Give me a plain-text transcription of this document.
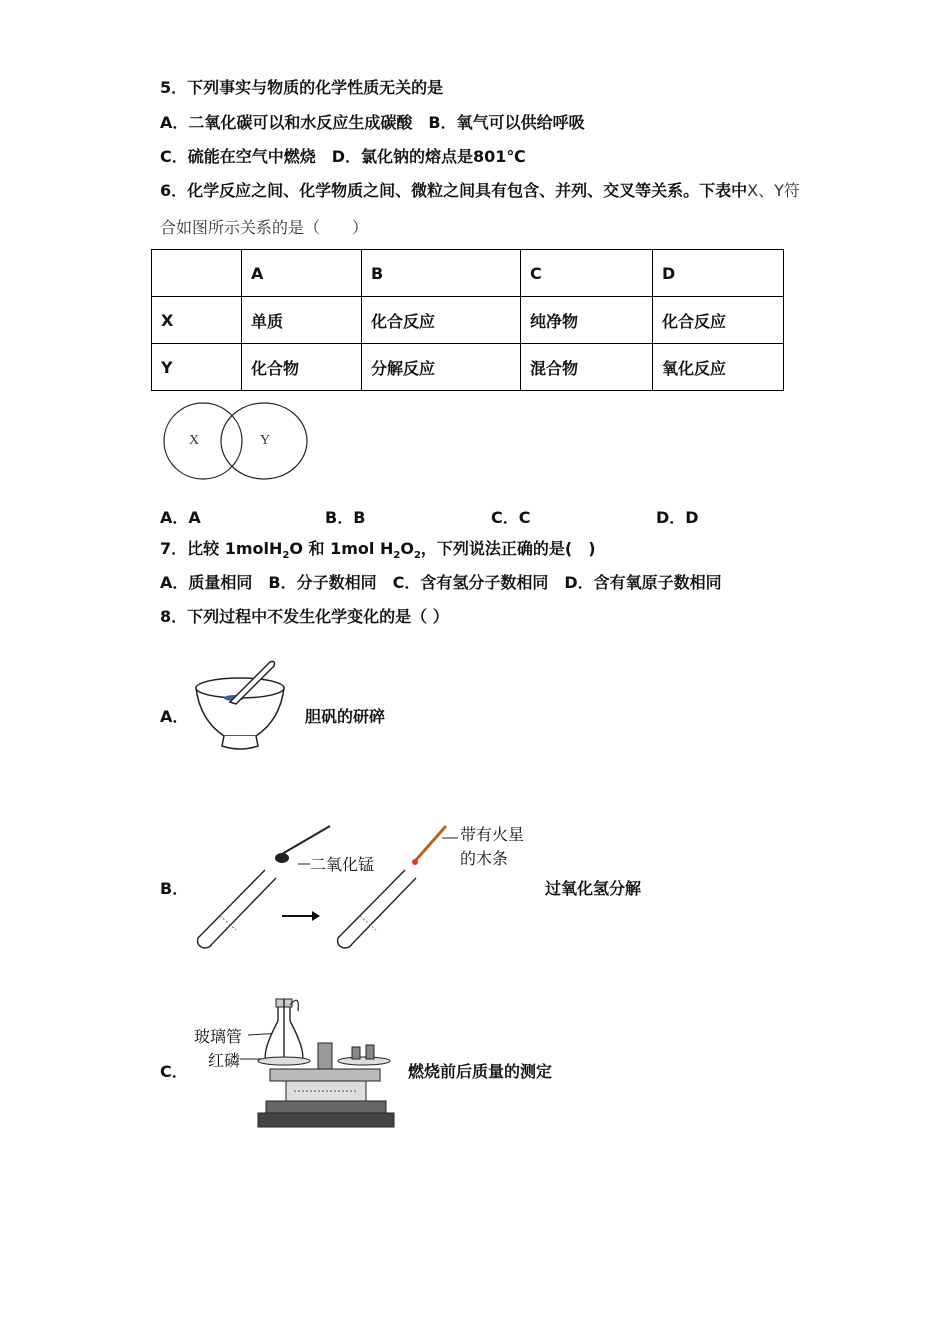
5．下列事实与物质的化学性质无关的是
A．二氧化碳可以和水反应生成碳酸　B．氧气可以供给呼吸
C．硫能在空气中燃烧　D．氯化钠的熔点是801℃
6．化学反应之间、化学物质之间、微粒之间具有包含、并列、交叉等关系。下表中X、Y符
合如图所示关系的是（　　）
	A	B	C	D
X	单质	化合反应	纯净物	化合反应
Y	化合物	分解反应	混合物	氧化反应
X	Y
A．A	B．B	C．C	D．D
7．比较 1molH$_2$O 和 1mol $H_2O_2$，下列说法正确的是(　)
A．质量相同　B．分子数相同　C．含有氢分子数相同　D．含有氧原子数相同
8．下列过程中不发生化学变化的是（ ）
A．	胆矾的研碎
B．
二氧化锰
带有火星
的木条
过氧化氢分解
C．
玻璃管
红磷
燃烧前后质量的测定
